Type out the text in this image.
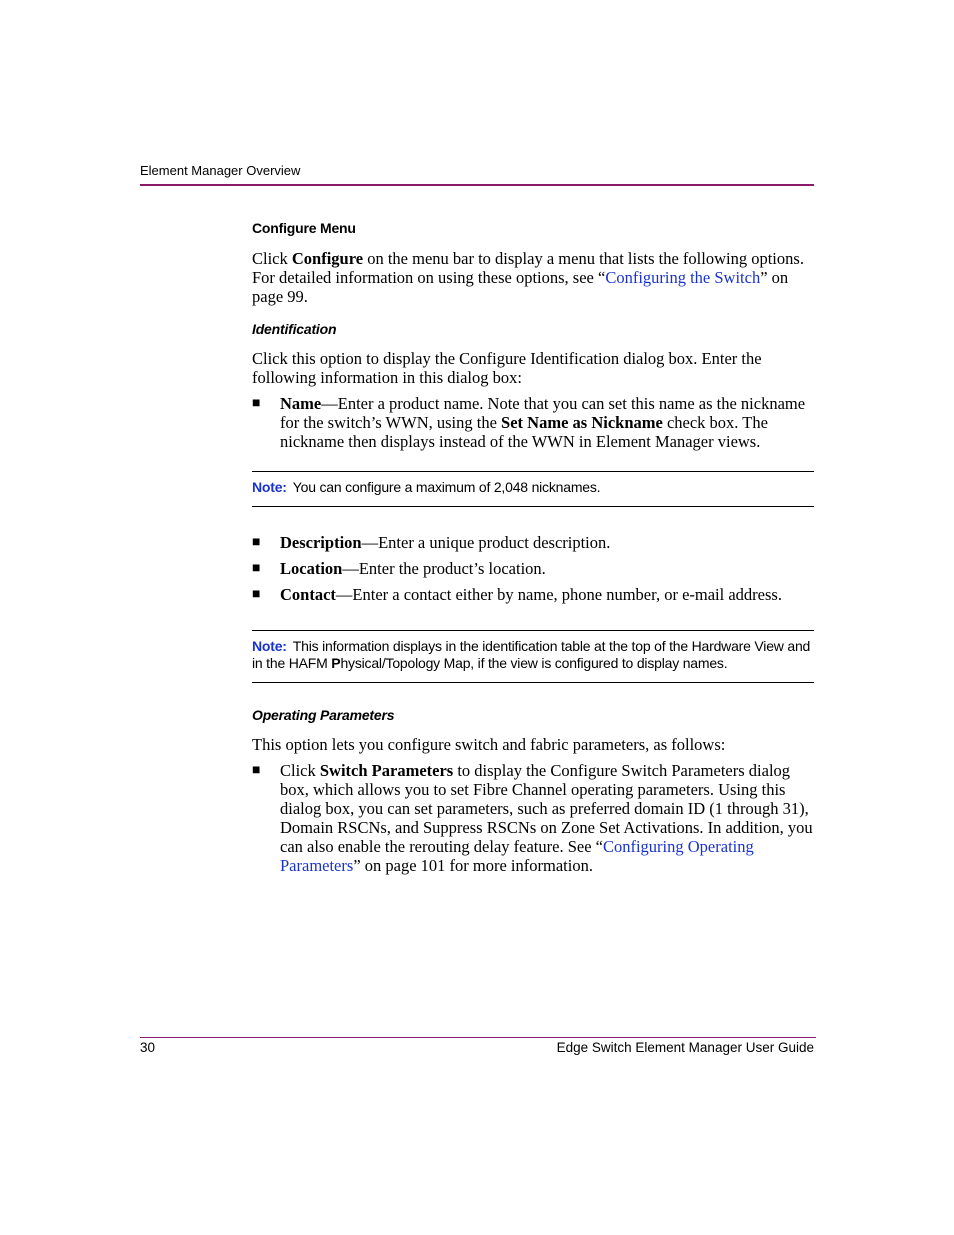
Element Manager Overview
Configure Menu

Click Configure on the menu bar to display a menu that lists the following options. For detailed information on using these options, see “Configuring the Switch” on page 99.

Identification

Click this option to display the Configure Identification dialog box. Enter the following information in this dialog box:

■ Name—Enter a product name. Note that you can set this name as the nickname for the switch’s WWN, using the Set Name as Nickname check box. The nickname then displays instead of the WWN in Element Manager views.
Note: You can configure a maximum of 2,048 nicknames.
■ Description—Enter a unique product description.
■ Location—Enter the product’s location.
■ Contact—Enter a contact either by name, phone number, or e-mail address.
Note: This information displays in the identification table at the top of the Hardware View and in the HAFM Physical/Topology Map, if the view is configured to display names.
Operating Parameters

This option lets you configure switch and fabric parameters, as follows:

■ Click Switch Parameters to display the Configure Switch Parameters dialog box, which allows you to set Fibre Channel operating parameters. Using this dialog box, you can set parameters, such as preferred domain ID (1 through 31), Domain RSCNs, and Suppress RSCNs on Zone Set Activations. In addition, you can also enable the rerouting delay feature. See “Configuring Operating Parameters” on page 101 for more information.
30	Edge Switch Element Manager User Guide
